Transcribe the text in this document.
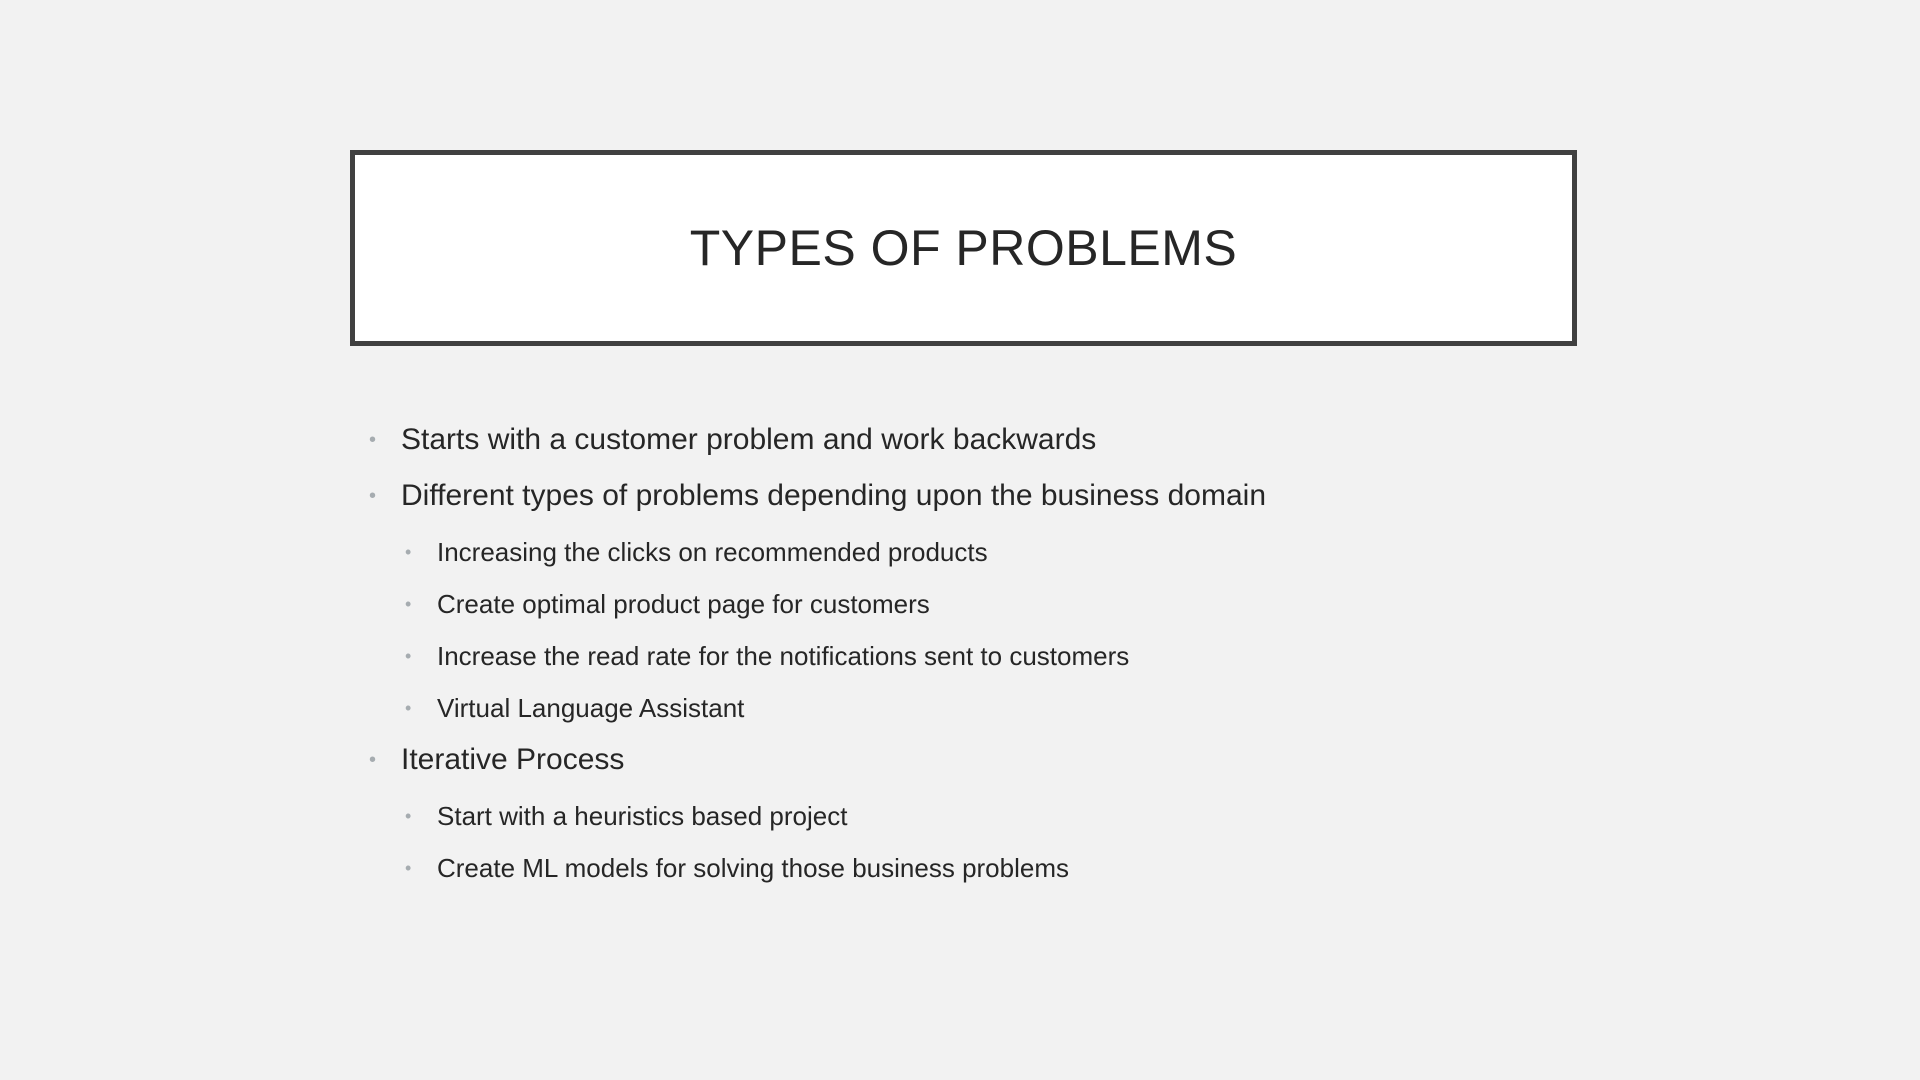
TYPES OF PROBLEMS
• Starts with a customer problem and work backwards
• Different types of problems depending upon the business domain
• Increasing the clicks on recommended products
• Create optimal product page for customers
• Increase the read rate for the notifications sent to customers
• Virtual Language Assistant
• Iterative Process
• Start with a heuristics based project
• Create ML models for solving those business problems
